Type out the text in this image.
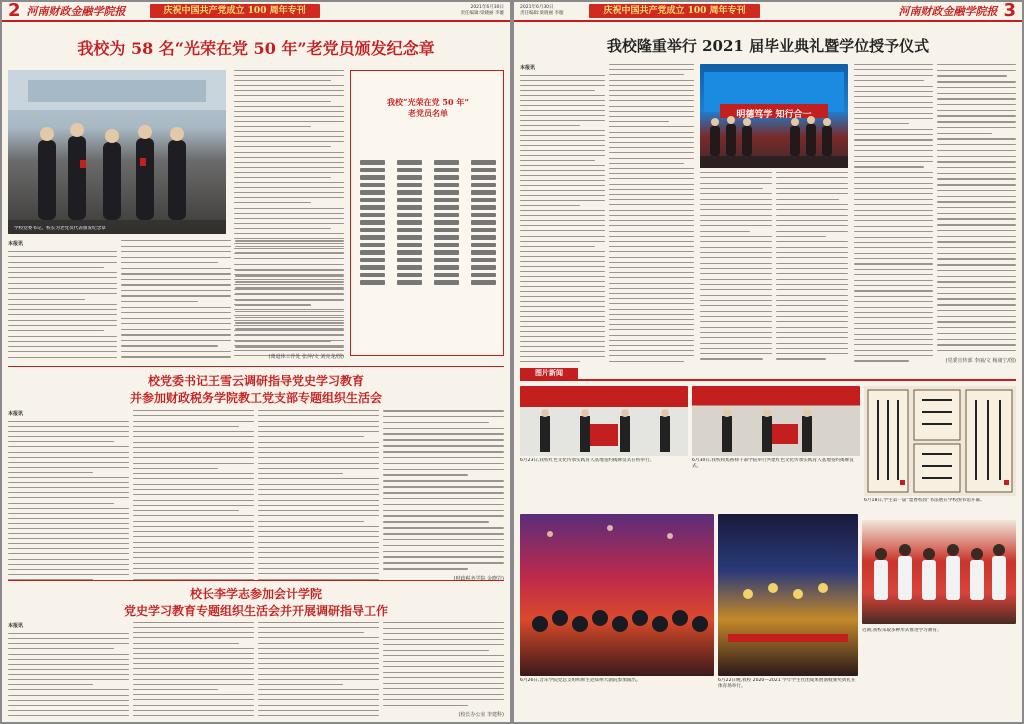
2 河南财政金融学院报	庆祝中国共产党成立 100 周年专刊	2021年6月30日
责任编辑:梁晓丽 李璇
我校为 58 名“光荣在党 50 年”老党员颁发纪念章
学校党委书记、校长为老党员代表颁发纪念章
我校“光荣在党 50 年”
老党员名单
本报讯
(离退休工作处 张萍/文 刘亮龙/图)
校党委书记王雪云调研指导党史学习教育
并参加财政税务学院教工党支部专题组织生活会
本报讯
校长李学志参加会计学院
党史学习教育专题组织生活会并开展调研指导工作
本报讯
(校长办公室 李建科)
2021年6月30日
责任编辑:梁晓丽 李璇	庆祝中国共产党成立 100 周年专刊	河南财政金融学院报 3
我校隆重举行 2021 届毕业典礼暨学位授予仪式
本报讯
明德笃学 知行合一
(党委宣传部 李丽/文 杨康宁/图)
图片新闻
6月23日,我校红色文化传承实践育人基地签约揭牌仪式在校举行。	6月30日,我校和焦裕禄干部学院举行共建红色文化传承实践育人基地签约揭牌仪式。
6月18日,学生第一届“墨香校园”书法展在学校图书馆开幕。
6月26日,音乐学院党总支组织师生赴郑州大剧院参加演出。	6月22日晚,我校 2020—2021 学年学生社团成果展演暨颁奖典礼在体育场举行。
近期,我校采取多种形式推进学习教育。
